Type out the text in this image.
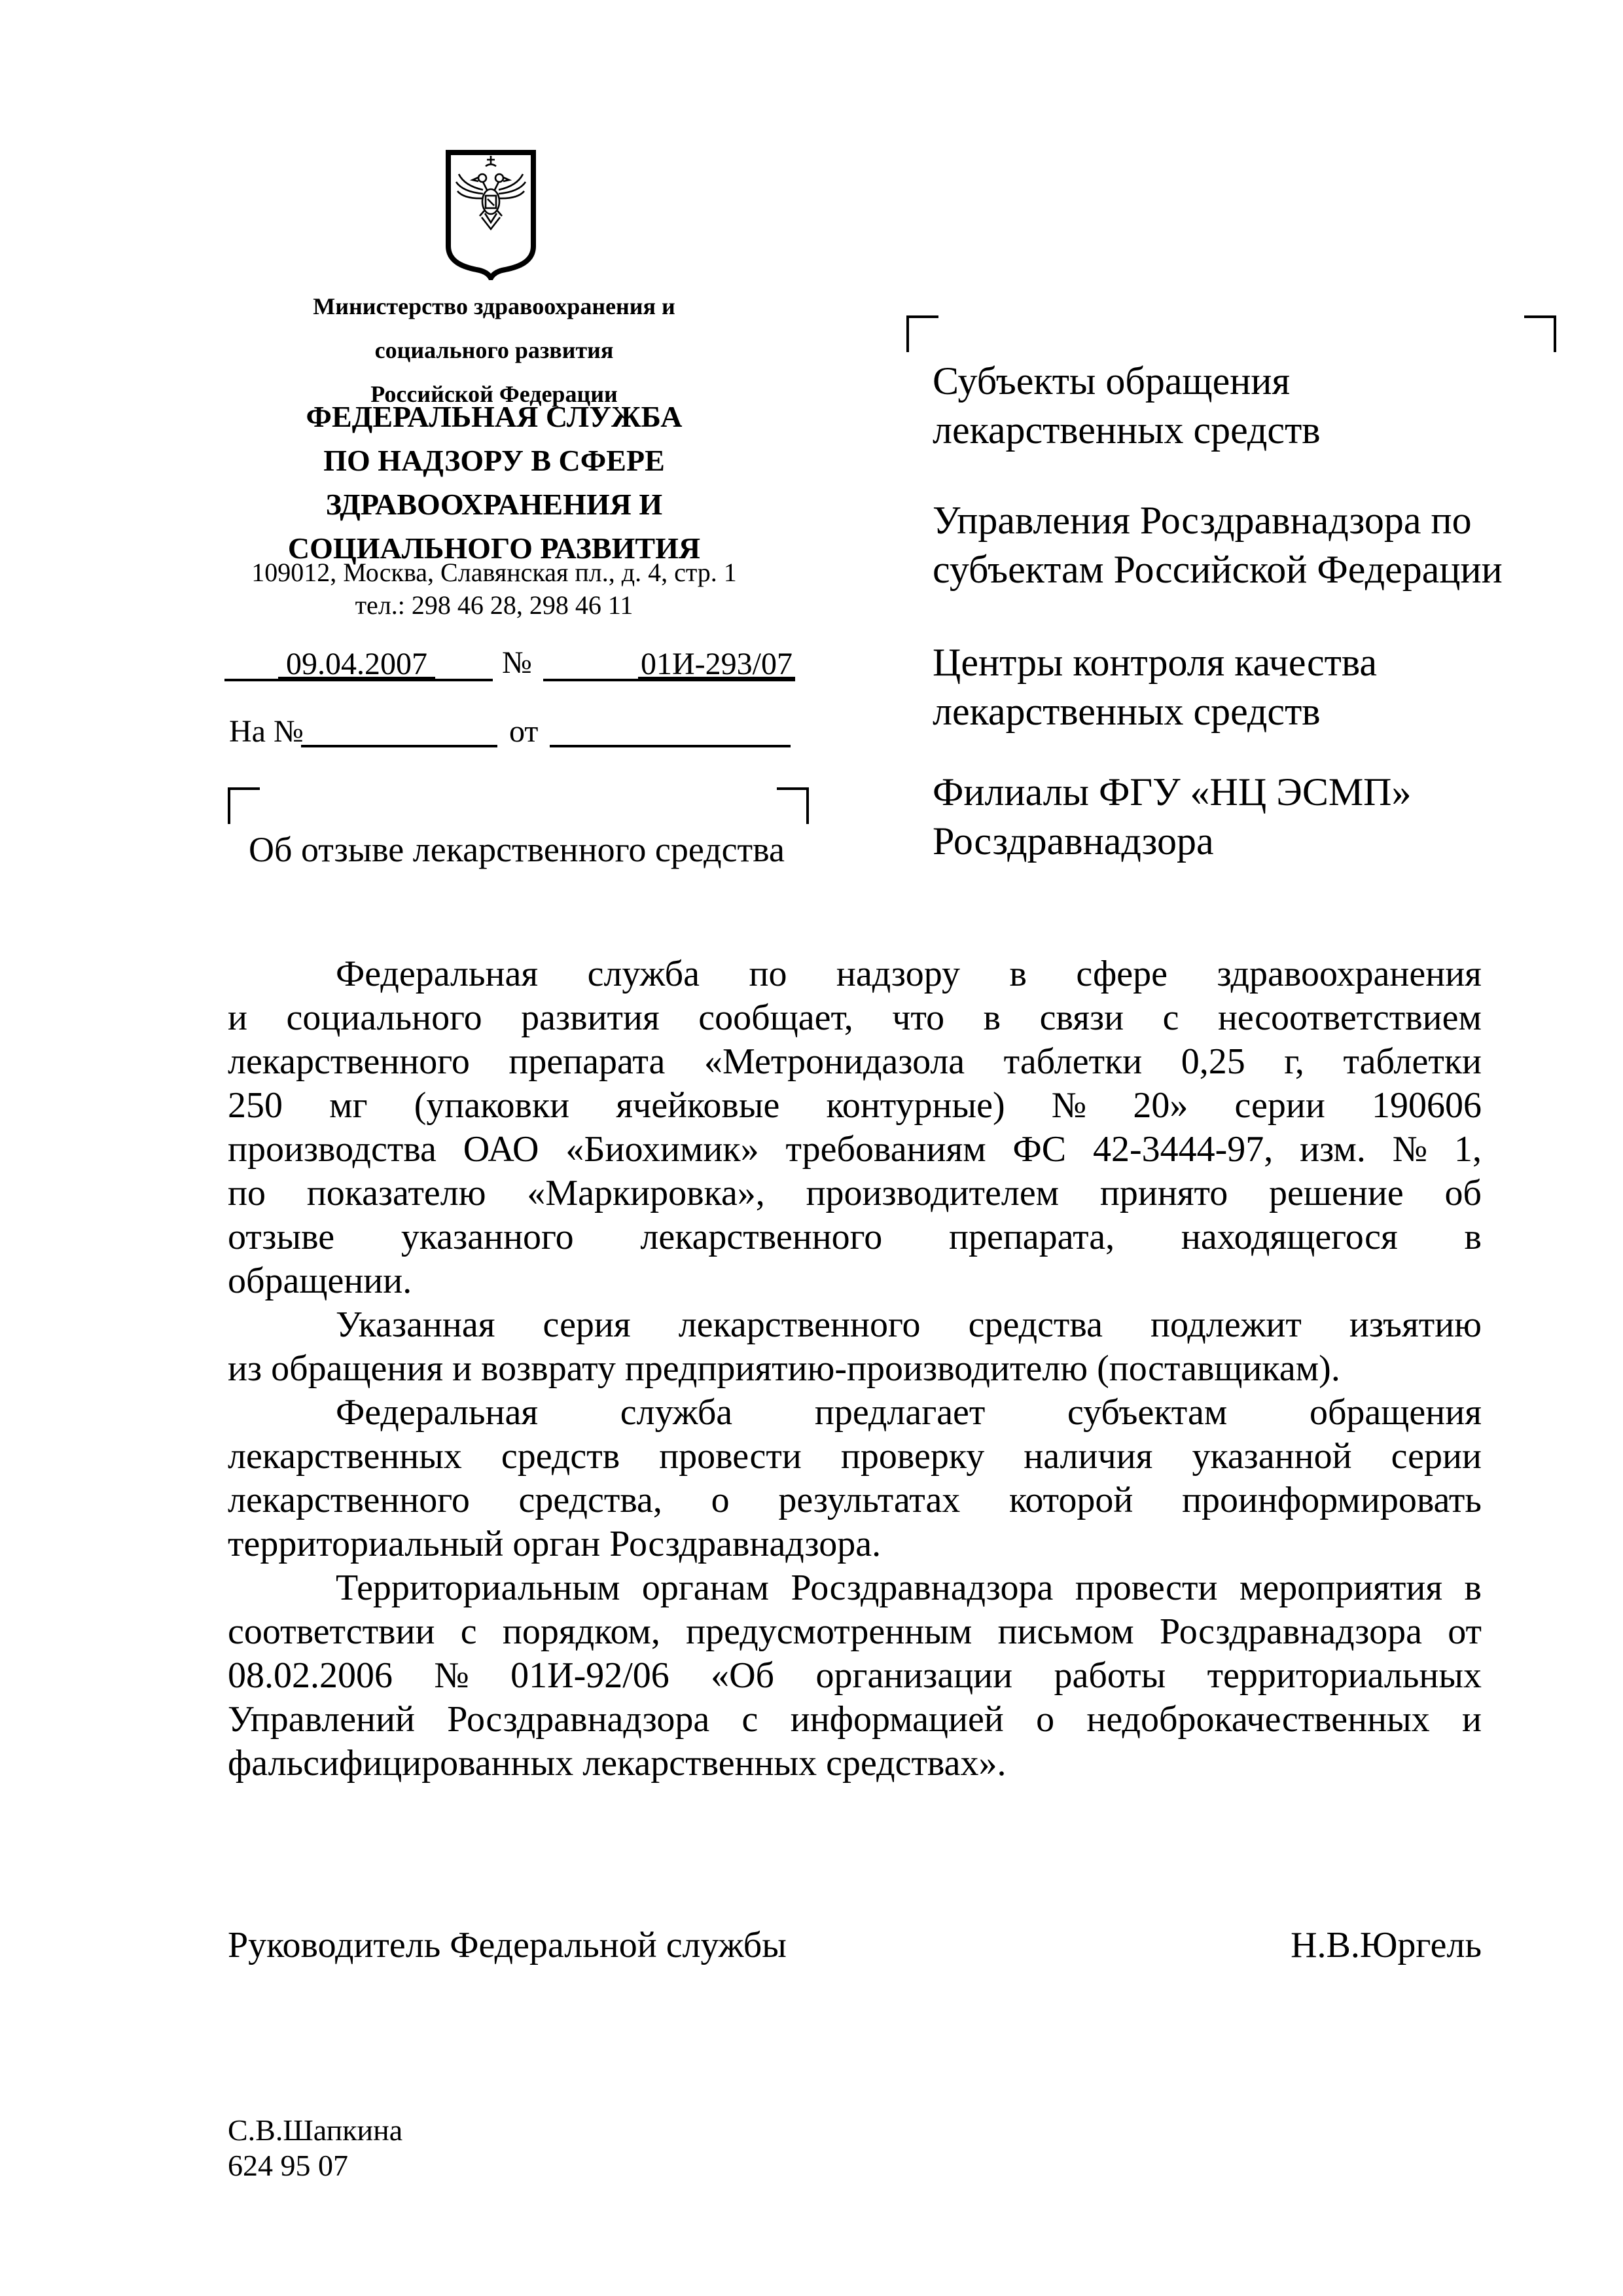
Министерство здравоохранения и
социального развития
Российской Федерации
ФЕДЕРАЛЬНАЯ СЛУЖБА
ПО НАДЗОРУ В СФЕРЕ
ЗДРАВООХРАНЕНИЯ И
СОЦИАЛЬНОГО РАЗВИТИЯ
109012, Москва, Славянская пл., д. 4, стр. 1
тел.: 298 46 28, 298 46 11
09.04.2007 №	01И-293/07
На №	от
Субъекты обращения
лекарственных средств
Управления Росздравнадзора по
субъектам Российской Федерации
Центры контроля качества
лекарственных средств
Филиалы ФГУ «НЦ ЭСМП»
Росздравнадзора
Об отзыве лекарственного средства

Федеральная служба по надзору в сфере здравоохранения
и социального развития сообщает, что в связи с несоответствием
лекарственного препарата «Метронидазола таблетки 0,25 г, таблетки
250 мг (упаковки ячейковые контурные) № 20» серии 190606
производства ОАО «Биохимик» требованиям ФС 42-3444-97, изм. № 1,
по показателю «Маркировка», производителем принято решение об
отзыве указанного лекарственного препарата, находящегося в
обращении.

Указанная серия лекарственного средства подлежит изъятию
из обращения и возврату предприятию-производителю (поставщикам).

Федеральная служба предлагает субъектам обращения
лекарственных средств провести проверку наличия указанной серии
лекарственного средства, о результатах которой проинформировать
территориальный орган Росздравнадзора.

Территориальным органам Росздравнадзора провести мероприятия в
соответствии с порядком, предусмотренным письмом Росздравнадзора от
08.02.2006 № 01И-92/06 «Об организации работы территориальных
Управлений Росздравнадзора с информацией о недоброкачественных и
фальсифицированных лекарственных средствах».

Руководитель Федеральной службы	Н.В.Юргель
С.В.Шапкина
624 95 07
